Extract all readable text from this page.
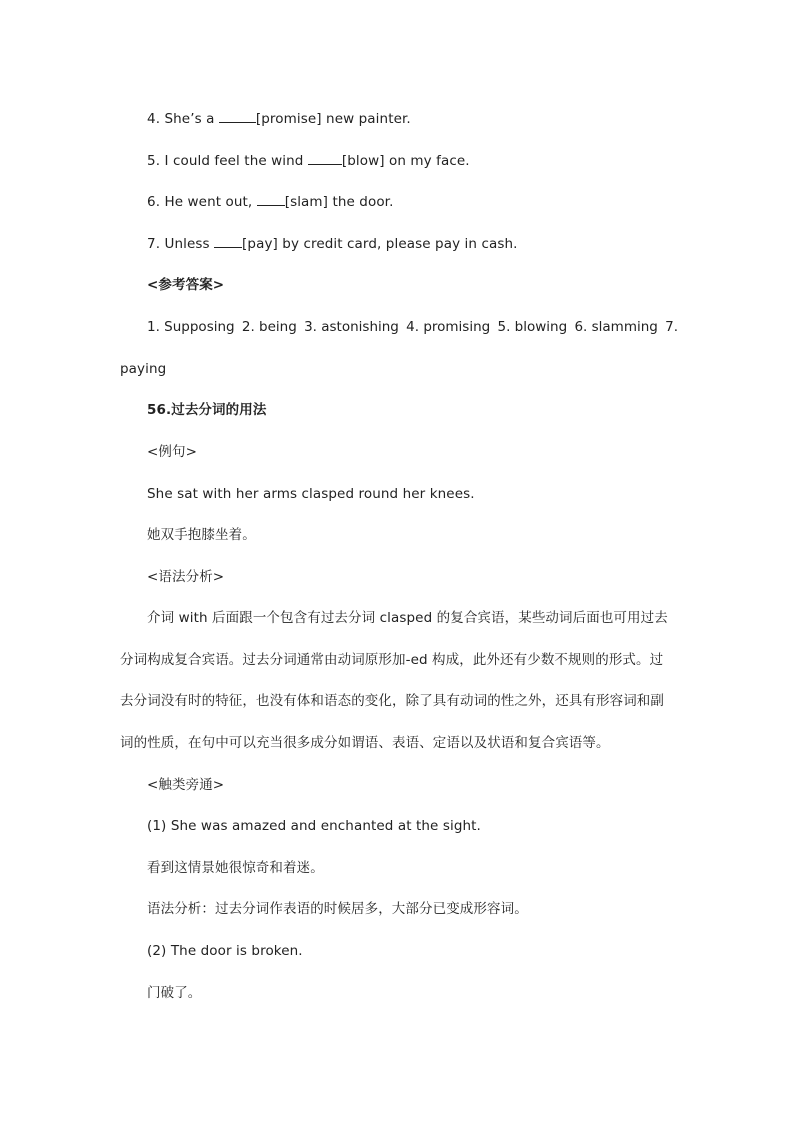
4. She’s a	[promise] new painter.
5. I could feel the wind	[blow] on my face.
6. He went out, [slam] the door.
7. Unless [pay] by credit card, please pay in cash.
<参考答案>
1. Supposing 2. being 3. astonishing 4. promising 5. blowing 6. slamming 7.
paying
56.过去分词的用法
<例句>
She sat with her arms clasped round her knees.
她双手抱膝坐着。
<语法分析>
介词 with 后面跟一个包含有过去分词 clasped 的复合宾语，某些动词后面也可用过去
分词构成复合宾语。过去分词通常由动词原形加-ed 构成，此外还有少数不规则的形式。过
去分词没有时的特征，也没有体和语态的变化，除了具有动词的性之外，还具有形容词和副
词的性质，在句中可以充当很多成分如谓语、表语、定语以及状语和复合宾语等。
<触类旁通>
(1) She was amazed and enchanted at the sight.
看到这情景她很惊奇和着迷。
语法分析：过去分词作表语的时候居多，大部分已变成形容词。
(2) The door is broken.
门破了。
